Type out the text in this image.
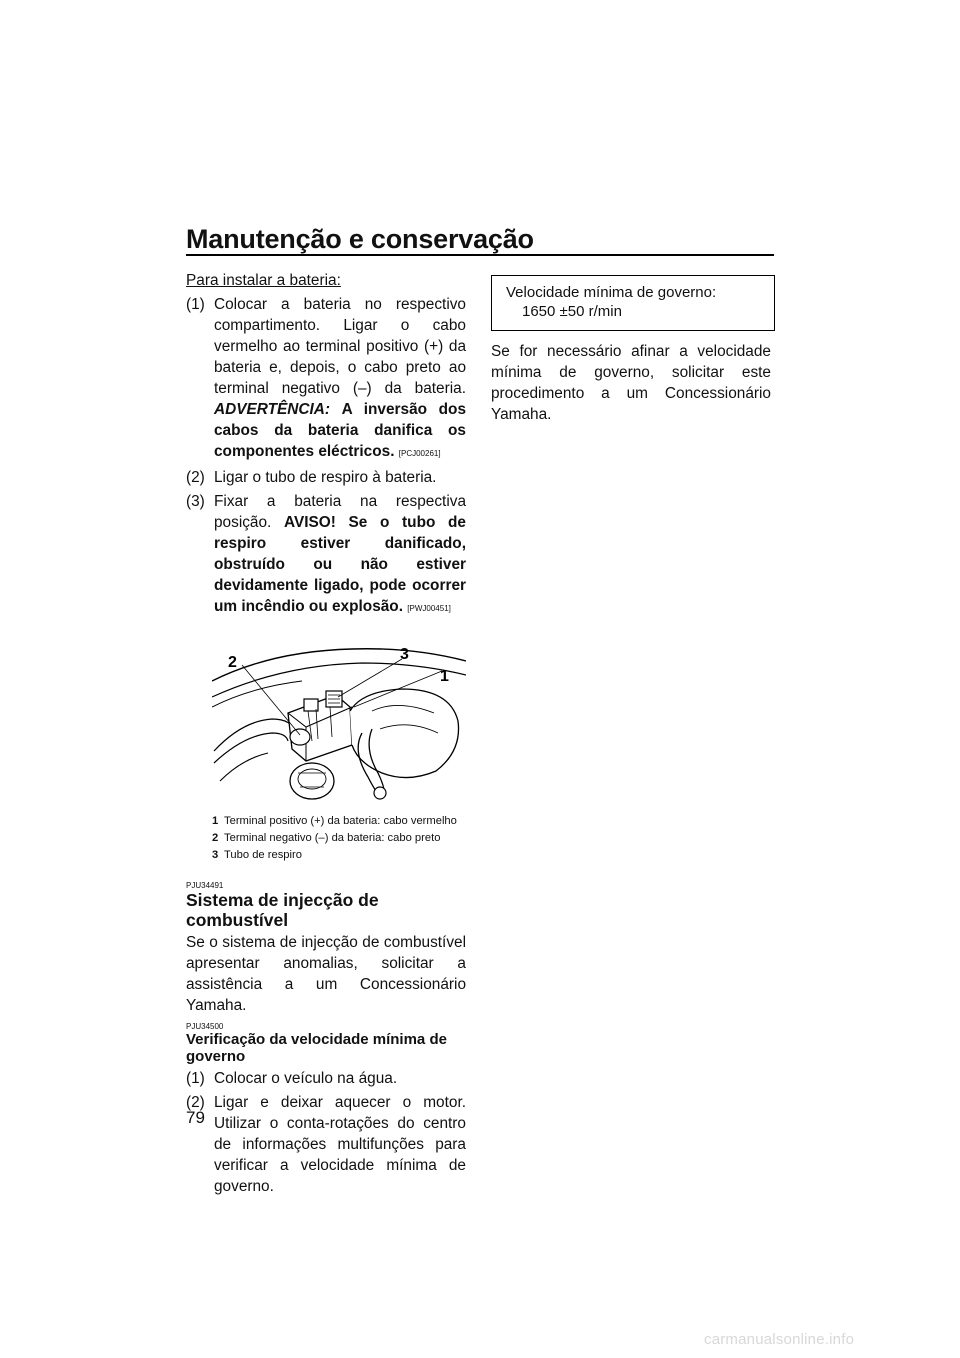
Manutenção e conservação
Para instalar a bateria:
(1) Colocar a bateria no respectivo compartimento. Ligar o cabo vermelho ao terminal positivo (+) da bateria e, depois, o cabo preto ao terminal negativo (–) da bateria. ADVERTÊNCIA: A inversão dos cabos da bateria danifica os componentes eléctricos. [PCJ00261]

(2) Ligar o tubo de respiro à bateria.

(3) Fixar a bateria na respectiva posição. AVISO! Se o tubo de respiro estiver danificado, obstruído ou não estiver devidamente ligado, pode ocorrer um incêndio ou explosão. [PWJ00451]

2	3
1
1 Terminal positivo (+) da bateria: cabo vermelho
2 Terminal negativo (–) da bateria: cabo preto
3 Tubo de respiro
PJU34491
Sistema de injecção de combustível

Se o sistema de injecção de combustível apresentar anomalias, solicitar a assistência a um Concessionário Yamaha.

PJU34500
Verificação da velocidade mínima de governo
(1) Colocar o veículo na água.

(2) Ligar e deixar aquecer o motor. Utilizar o conta-rotações do centro de informações multifunções para verificar a velocidade mínima de governo.

Velocidade mínima de governo:
1650 ±50 r/min

Se for necessário afinar a velocidade mínima de governo, solicitar este procedimento a um Concessionário Yamaha.

79
carmanualsonline.info
